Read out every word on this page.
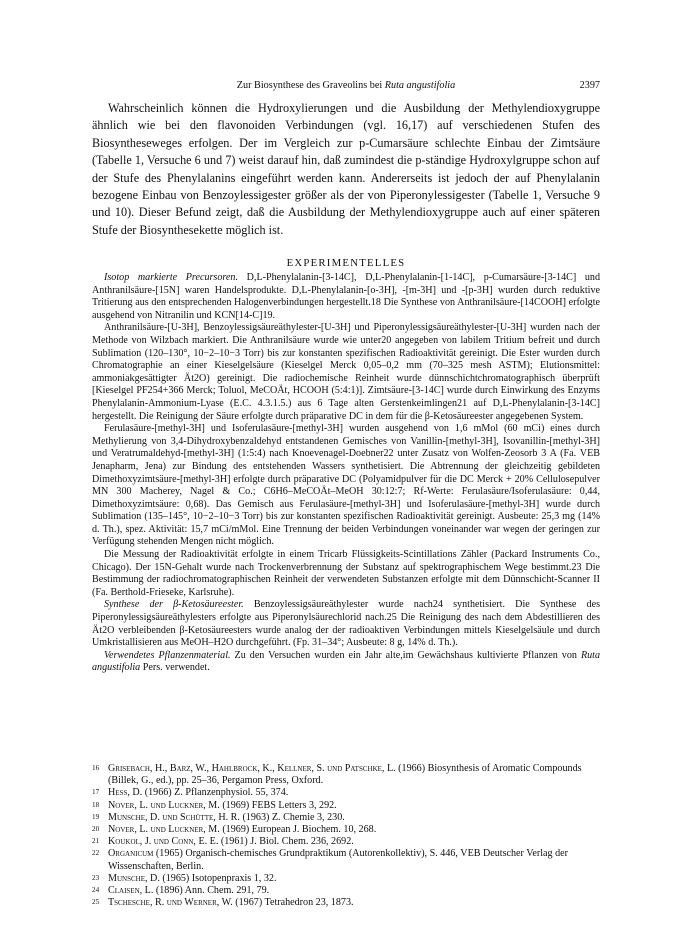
Zur Biosynthese des Graveolins bei Ruta angustifolia	2397

Wahrscheinlich können die Hydroxylierungen und die Ausbildung der Methylendioxygruppe ähnlich wie bei den flavonoiden Verbindungen (vgl. 16,17) auf verschiedenen Stufen des Biosyntheseweges erfolgen. Der im Vergleich zur p-Cumarsäure schlechte Einbau der Zimtsäure (Tabelle 1, Versuche 6 und 7) weist darauf hin, daß zumindest die p-ständige Hydroxylgruppe schon auf der Stufe des Phenylalanins eingeführt werden kann. Andererseits ist jedoch der auf Phenylalanin bezogene Einbau von Benzoylessigester größer als der von Piperonylessigester (Tabelle 1, Versuche 9 und 10). Dieser Befund zeigt, daß die Ausbildung der Methylendioxygruppe auch auf einer späteren Stufe der Biosynthesekette möglich ist.

EXPERIMENTELLES

Isotop markierte Precursoren. D,L-Phenylalanin-[3-14C], D,L-Phenylalanin-[1-14C], p-Cumarsäure-[3-14C] und Anthranilsäure-[15N] waren Handelsprodukte. D,L-Phenylalanin-[o-3H], -[m-3H] und -[p-3H] wurden durch reduktive Tritierung aus den entsprechenden Halogenverbindungen hergestellt.18 Die Synthese von Anthranilsäure-[14COOH] erfolgte ausgehend von Nitranilin und KCN[14-C]19.

Anthranilsäure-[U-3H], Benzoylessigsäureäthylester-[U-3H] und Piperonylessigsäureäthylester-[U-3H] wurden nach der Methode von Wilzbach markiert. Die Anthranilsäure wurde wie unter20 angegeben von labilem Tritium befreit und durch Sublimation (120–130°, 10−2–10−3 Torr) bis zur konstanten spezifischen Radioaktivität gereinigt. Die Ester wurden durch Chromatographie an einer Kieselgelsäure (Kieselgel Merck 0,05–0,2 mm (70–325 mesh ASTM); Elutionsmittel: ammoniakgesättigter Ät2O) gereinigt. Die radiochemische Reinheit wurde dünnschichtchromatographisch überprüft [Kieselgel PF254+366 Merck; Toluol, MeCOÄt, HCOOH (5:4:1)]. Zimtsäure-[3-14C] wurde durch Einwirkung des Enzyms Phenylalanin-Ammonium-Lyase (E.C. 4.3.1.5.) aus 6 Tage alten Gerstenkeimlingen21 auf D,L-Phenylalanin-[3-14C] hergestellt. Die Reinigung der Säure erfolgte durch präparative DC in dem für die β-Ketosäureester angegebenen System.

Ferulasäure-[methyl-3H] und Isoferulasäure-[methyl-3H] wurden ausgehend von 1,6 mMol (60 mCi) eines durch Methylierung von 3,4-Dihydroxybenzaldehyd entstandenen Gemisches von Vanillin-[methyl-3H], Isovanillin-[methyl-3H] und Veratrumaldehyd-[methyl-3H] (1:5:4) nach Knoevenagel-Doebner22 unter Zusatz von Wolfen-Zeosorb 3 A (Fa. VEB Jenapharm, Jena) zur Bindung des entstehenden Wassers synthetisiert. Die Abtrennung der gleichzeitig gebildeten Dimethoxyzimtsäure-[methyl-3H] erfolgte durch präparative DC (Polyamidpulver für die DC Merck + 20% Cellulosepulver MN 300 Macherey, Nagel & Co.; C6H6–MeCOÄt–MeOH 30:12:7; Rf-Werte: Ferulasäure/Isoferulasäure: 0,44, Dimethoxyzimtsäure: 0,68). Das Gemisch aus Ferulasäure-[methyl-3H] und Isoferulasäure-[methyl-3H] wurde durch Sublimation (135–145°, 10−2–10−3 Torr) bis zur konstanten spezifischen Radioaktivität gereinigt. Ausbeute: 25,3 mg (14% d. Th.), spez. Aktivität: 15,7 mCi/mMol. Eine Trennung der beiden Verbindungen voneinander war wegen der geringen zur Verfügung stehenden Mengen nicht möglich.

Die Messung der Radioaktivität erfolgte in einem Tricarb Flüssigkeits-Scintillations Zähler (Packard Instruments Co., Chicago). Der 15N-Gehalt wurde nach Trockenverbrennung der Substanz auf spektrographischem Wege bestimmt.23 Die Bestimmung der radiochromatographischen Reinheit der verwendeten Substanzen erfolgte mit dem Dünnschicht-Scanner II (Fa. Berthold-Frieseke, Karlsruhe).

Synthese der β-Ketosäureester. Benzoylessigsäureäthylester wurde nach24 synthetisiert. Die Synthese des Piperonylessigsäureäthylesters erfolgte aus Piperonylsäurechlorid nach.25 Die Reinigung des nach dem Abdestillieren des Ät2O verbleibenden β-Ketosäureesters wurde analog der der radioaktiven Verbindungen mittels Kieselgelsäule und durch Umkristallisieren aus MeOH–H2O durchgeführt. (Fp. 31–34°; Ausbeute: 8 g, 14% d. Th.).

Verwendetes Pflanzenmaterial. Zu den Versuchen wurden ein Jahr alte,im Gewächshaus kultivierte Pflanzen von Ruta angustifolia Pers. verwendet.

16 Grisebach, H., Barz, W., Hahlbrock, K., Kellner, S. und Patschke, L. (1966) Biosynthesis of Aromatic Compounds (Billek, G., ed.), pp. 25–36, Pergamon Press, Oxford.
17 Hess, D. (1966) Z. Pflanzenphysiol. 55, 374.
18 Nover, L. und Luckner, M. (1969) FEBS Letters 3, 292.
19 Munsche, D. und Schütte, H. R. (1963) Z. Chemie 3, 230.
20 Nover, L. und Luckner, M. (1969) European J. Biochem. 10, 268.
21 Koukol, J. und Conn, E. E. (1961) J. Biol. Chem. 236, 2692.
22 Organicum (1965) Organisch-chemisches Grundpraktikum (Autorenkollektiv), S. 446, VEB Deutscher Verlag der Wissenschaften, Berlin.
23 Munsche, D. (1965) Isotopenpraxis 1, 32.
24 Claisen, L. (1896) Ann. Chem. 291, 79.
25 Tschesche, R. und Werner, W. (1967) Tetrahedron 23, 1873.
